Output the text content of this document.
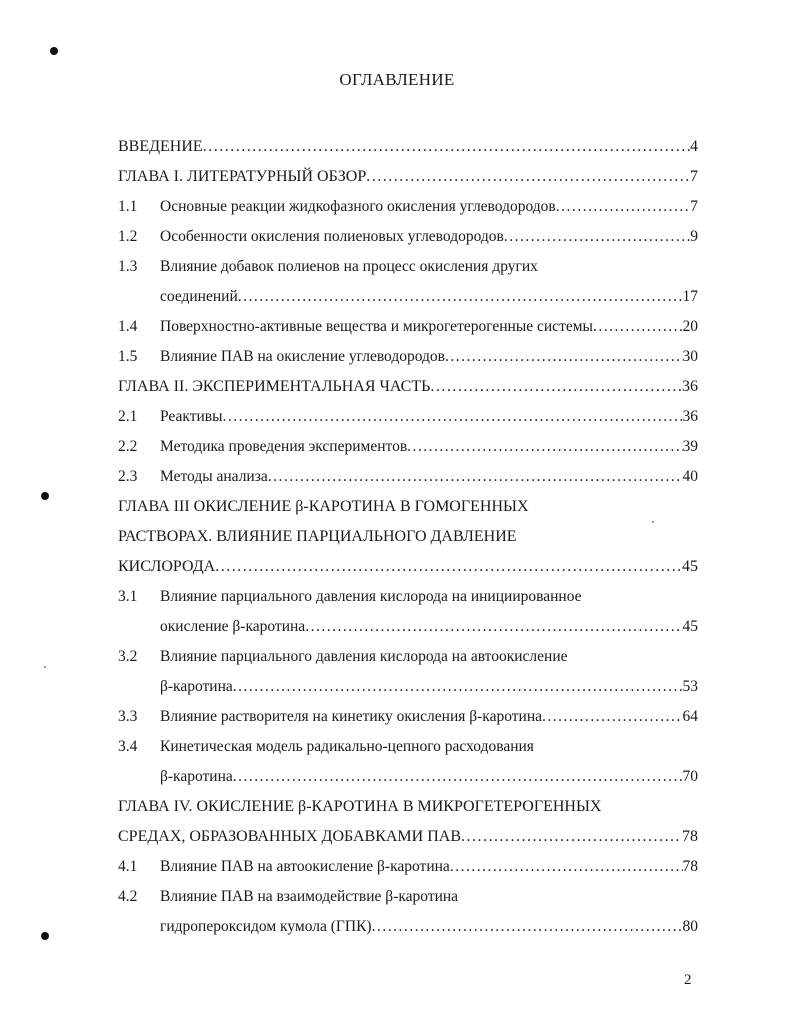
ОГЛАВЛЕНИЕ
ВВЕДЕНИЕ .....	4
ГЛАВА I. ЛИТЕРАТУРНЫЙ ОБЗОР .....	7
1.1	Основные реакции жидкофазного окисления углеводородов .....	7
1.2	Особенности окисления полиеновых углеводородов .....	9
1.3	Влияние добавок полиенов на процесс окисления других
соединений .....	17
1.4	Поверхностно-активные вещества и микрогетерогенные системы .....	20
1.5	Влияние ПАВ на окисление углеводородов .....	30
ГЛАВА II. ЭКСПЕРИМЕНТАЛЬНАЯ ЧАСТЬ .....	36
2.1	Реактивы .....	36
2.2	Методика проведения экспериментов .....	39
2.3	Методы анализа .....	40
ГЛАВА III ОКИСЛЕНИЕ β-КАРОТИНА В ГОМОГЕННЫХ
РАСТВОРАХ. ВЛИЯНИЕ ПАРЦИАЛЬНОГО ДАВЛЕНИЕ
КИСЛОРОДА .....	45
3.1	Влияние парциального давления кислорода на инициированное
окисление β-каротина .....	45
3.2	Влияние парциального давления кислорода на автоокисление
β-каротина .....	53
3.3	Влияние растворителя на кинетику окисления β-каротина .....	64
3.4	Кинетическая модель радикально-цепного расходования
β-каротина .....	70
ГЛАВА IV. ОКИСЛЕНИЕ β-КАРОТИНА В МИКРОГЕТЕРОГЕННЫХ
СРЕДАХ, ОБРАЗОВАННЫХ ДОБАВКАМИ ПАВ .....	78
4.1	Влияние ПАВ на автоокисление β-каротина .....	78
4.2	Влияние ПАВ на взаимодействие β-каротина
гидропероксидом кумола (ГПК) .....	80
2
